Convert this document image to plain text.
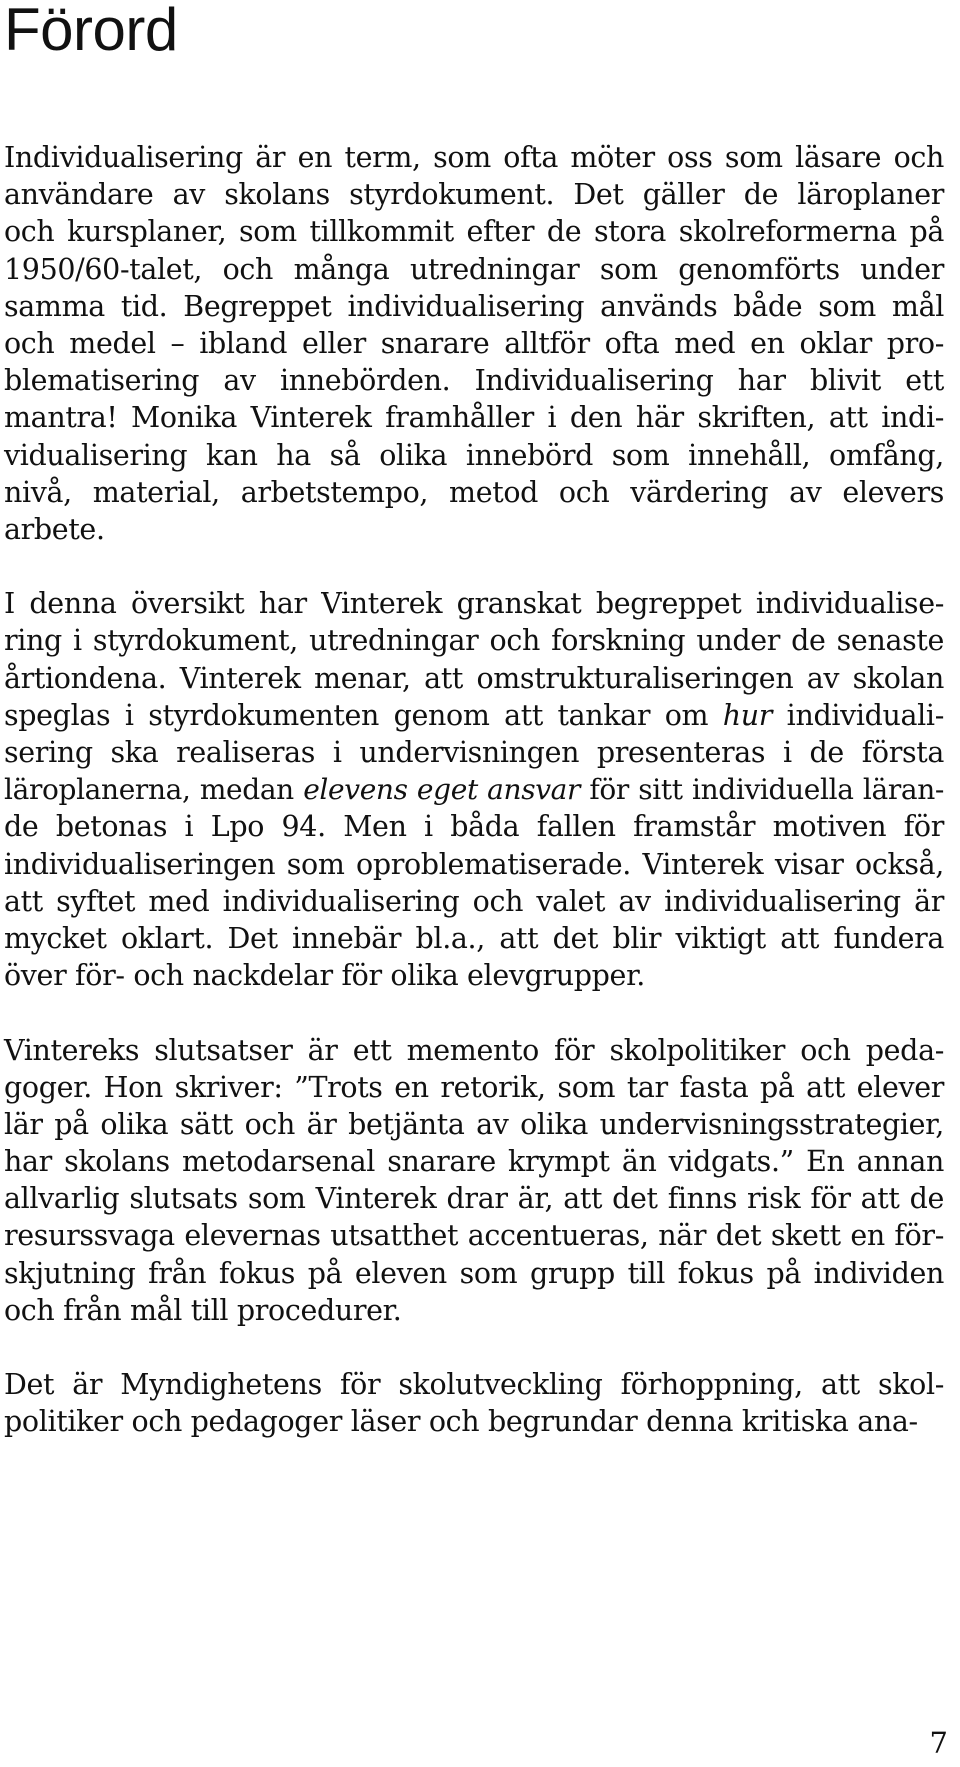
Förord
Individualisering är en term, som ofta möter oss som läsare och
användare av skolans styrdokument. Det gäller de läroplaner
och kursplaner, som tillkommit efter de stora skolreformerna på
1950/60-talet, och många utredningar som genomförts under
samma tid. Begreppet individualisering används både som mål
och medel – ibland eller snarare alltför ofta med en oklar pro-
blematisering av innebörden. Individualisering har blivit ett
mantra! Monika Vinterek framhåller i den här skriften, att indi-
vidualisering kan ha så olika innebörd som innehåll, omfång,
nivå, material, arbetstempo, metod och värdering av elevers
arbete.
I denna översikt har Vinterek granskat begreppet individualise-
ring i styrdokument, utredningar och forskning under de senaste
årtiondena. Vinterek menar, att omstrukturaliseringen av skolan
speglas i styrdokumenten genom att tankar om hur individuali-
sering ska realiseras i undervisningen presenteras i de första
läroplanerna, medan elevens eget ansvar för sitt individuella läran-
de betonas i Lpo 94. Men i båda fallen framstår motiven för
individualiseringen som oproblematiserade. Vinterek visar också,
att syftet med individualisering och valet av individualisering är
mycket oklart. Det innebär bl.a., att det blir viktigt att fundera
över för- och nackdelar för olika elevgrupper.
Vintereks slutsatser är ett memento för skolpolitiker och peda-
goger. Hon skriver: ”Trots en retorik, som tar fasta på att elever
lär på olika sätt och är betjänta av olika undervisningsstrategier,
har skolans metodarsenal snarare krympt än vidgats.” En annan
allvarlig slutsats som Vinterek drar är, att det finns risk för att de
resurssvaga elevernas utsatthet accentueras, när det skett en för-
skjutning från fokus på eleven som grupp till fokus på individen
och från mål till procedurer.
Det är Myndighetens för skolutveckling förhoppning, att skol-
politiker och pedagoger läser och begrundar denna kritiska ana-
7
